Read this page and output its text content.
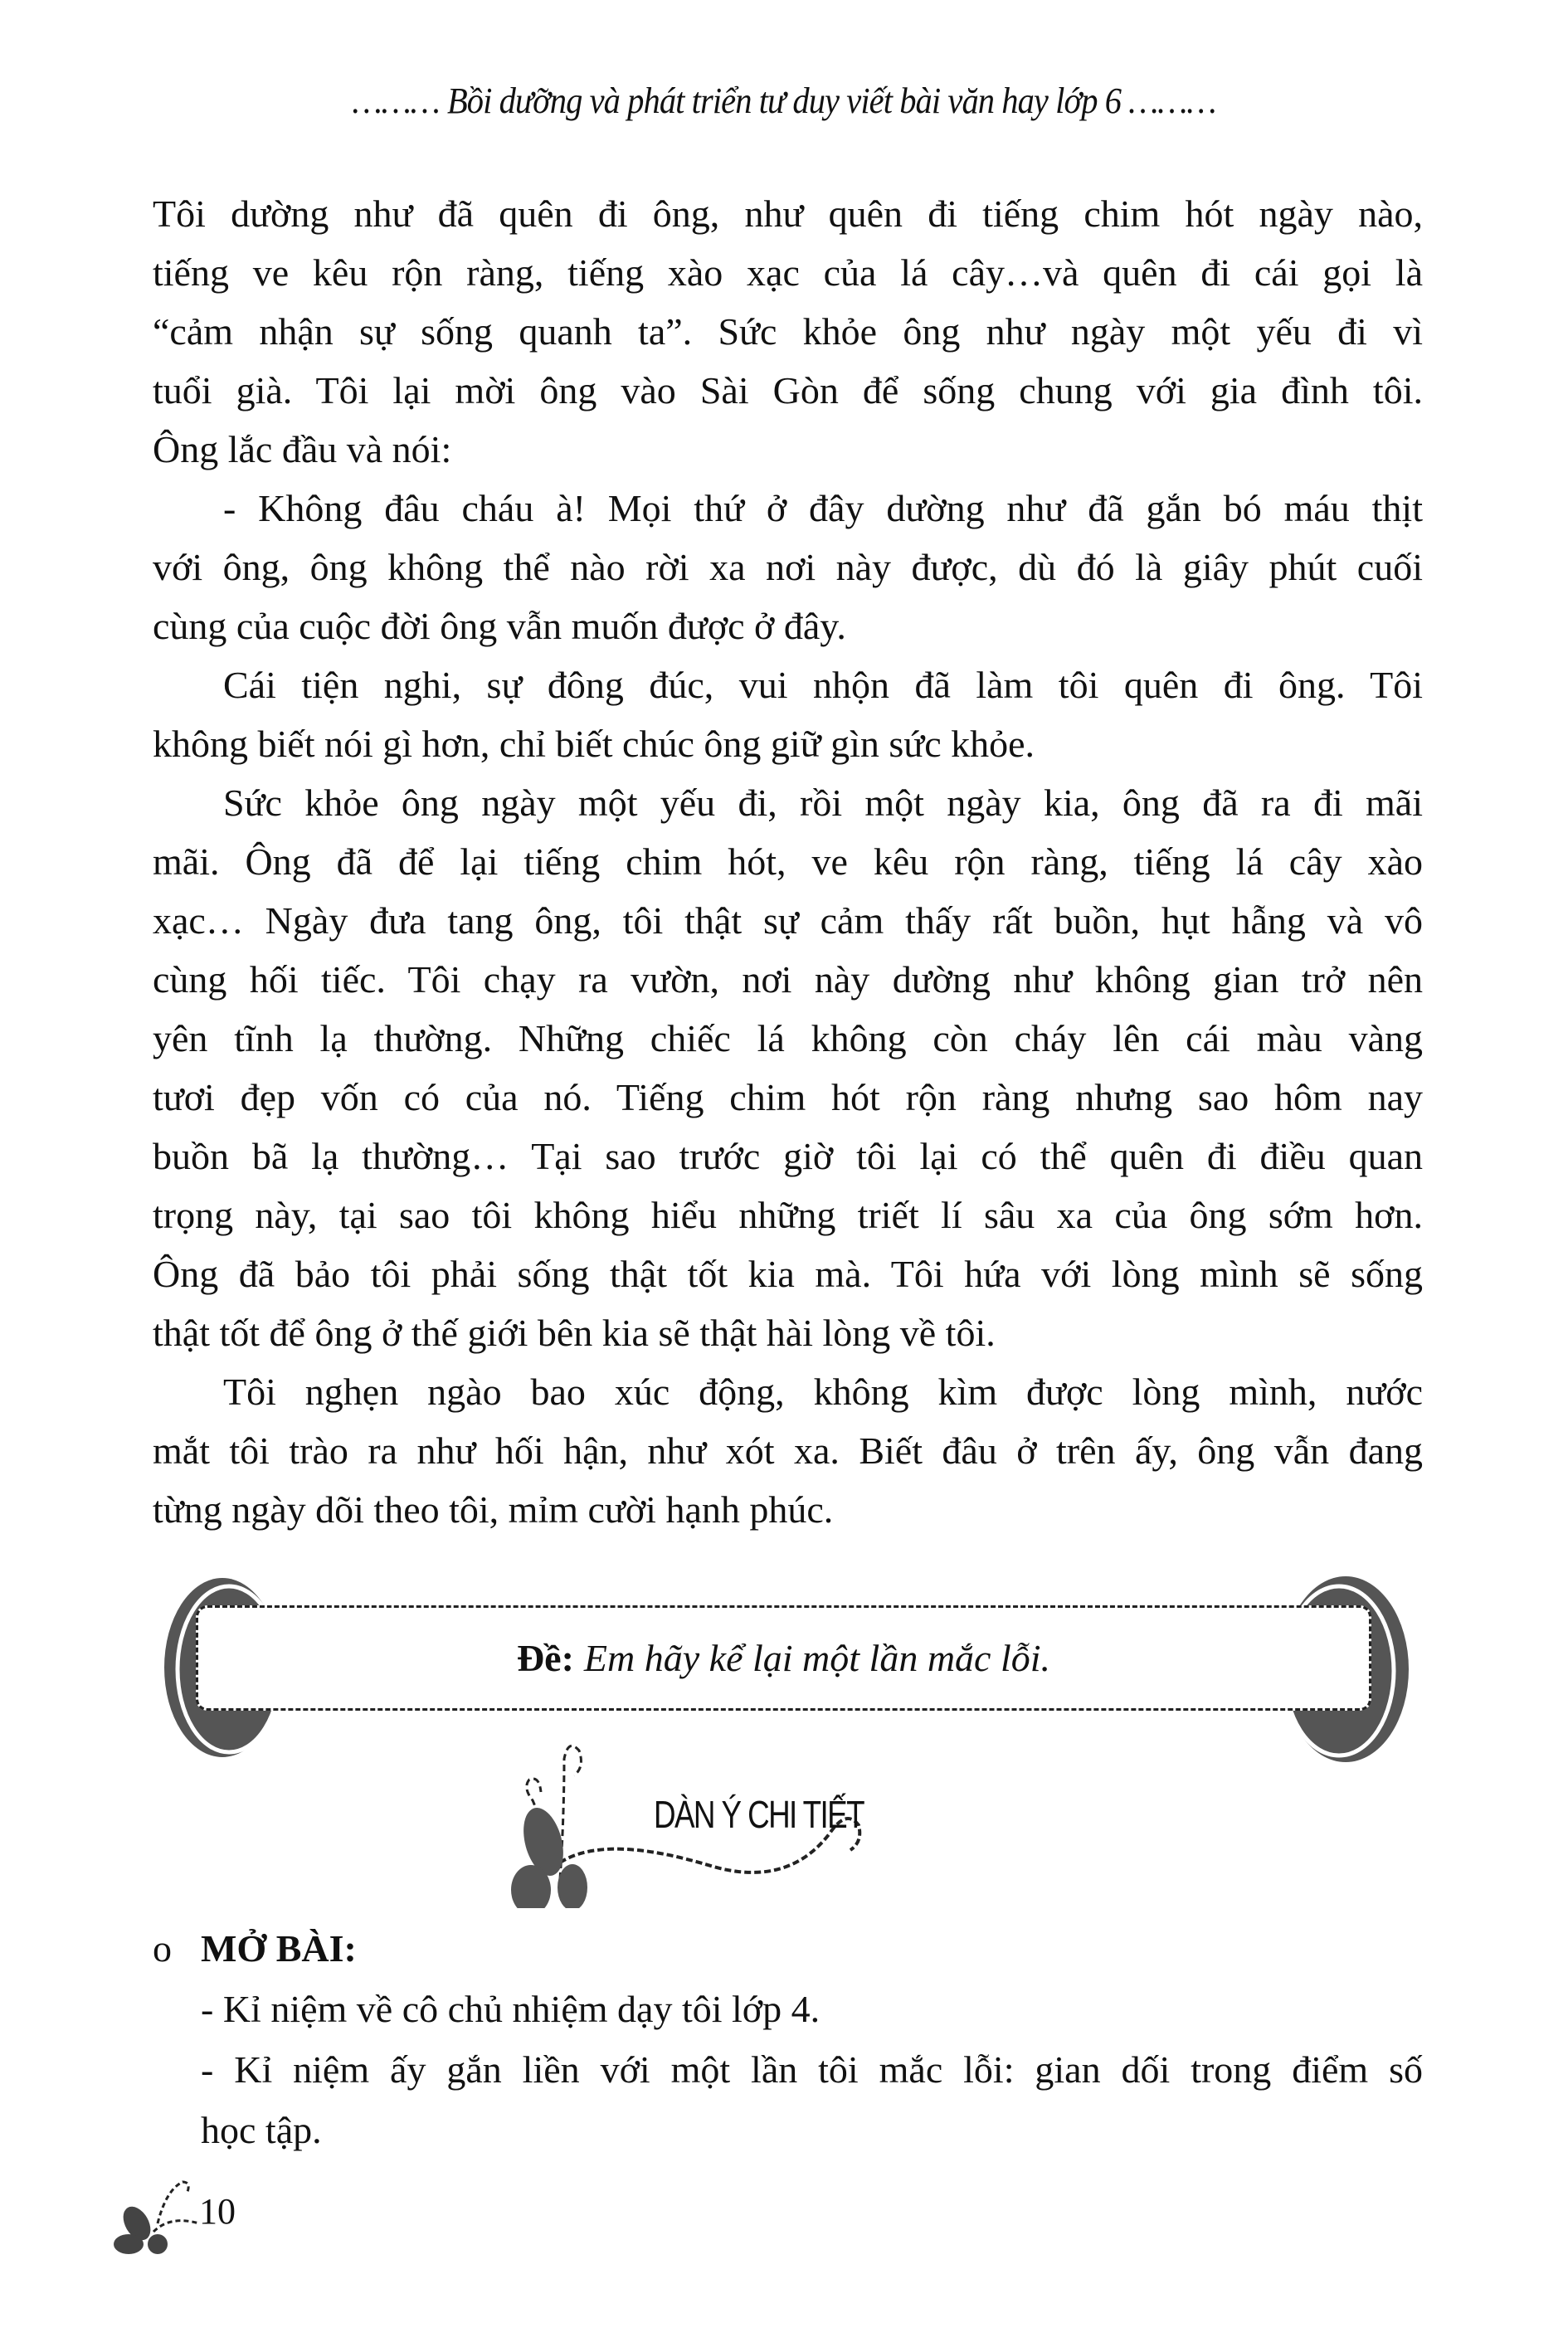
……… Bồi dưỡng và phát triển tư duy viết bài văn hay lớp 6 ………
Tôi dường như đã quên đi ông, như quên đi tiếng chim hót ngày nào,
tiếng ve kêu rộn ràng, tiếng xào xạc của lá cây…và quên đi cái gọi là
“cảm nhận sự sống quanh ta”. Sức khỏe ông như ngày một yếu đi vì
tuổi già. Tôi lại mời ông vào Sài Gòn để sống chung với gia đình tôi.
Ông lắc đầu và nói:
- Không đâu cháu à! Mọi thứ ở đây dường như đã gắn bó máu thịt
với ông, ông không thể nào rời xa nơi này được, dù đó là giây phút cuối
cùng của cuộc đời ông vẫn muốn được ở đây.
Cái tiện nghi, sự đông đúc, vui nhộn đã làm tôi quên đi ông. Tôi
không biết nói gì hơn, chỉ biết chúc ông giữ gìn sức khỏe.
Sức khỏe ông ngày một yếu đi, rồi một ngày kia, ông đã ra đi mãi
mãi. Ông đã để lại tiếng chim hót, ve kêu rộn ràng, tiếng lá cây xào
xạc… Ngày đưa tang ông, tôi thật sự cảm thấy rất buồn, hụt hẫng và vô
cùng hối tiếc. Tôi chạy ra vườn, nơi này dường như không gian trở nên
yên tĩnh lạ thường. Những chiếc lá không còn cháy lên cái màu vàng
tươi đẹp vốn có của nó. Tiếng chim hót rộn ràng nhưng sao hôm nay
buồn bã lạ thường… Tại sao trước giờ tôi lại có thể quên đi điều quan
trọng này, tại sao tôi không hiểu những triết lí sâu xa của ông sớm hơn.
Ông đã bảo tôi phải sống thật tốt kia mà. Tôi hứa với lòng mình sẽ sống
thật tốt để ông ở thế giới bên kia sẽ thật hài lòng về tôi.
Tôi nghẹn ngào bao xúc động, không kìm được lòng mình, nước
mắt tôi trào ra như hối hận, như xót xa. Biết đâu ở trên ấy, ông vẫn đang
từng ngày dõi theo tôi, mỉm cười hạnh phúc.
Đề: Em hãy kể lại một lần mắc lỗi.
DÀN Ý CHI TIẾT
o MỞ BÀI:
- Kỉ niệm về cô chủ nhiệm dạy tôi lớp 4.
- Kỉ niệm ấy gắn liền với một lần tôi mắc lỗi: gian dối trong điểm số
học tập.
10
